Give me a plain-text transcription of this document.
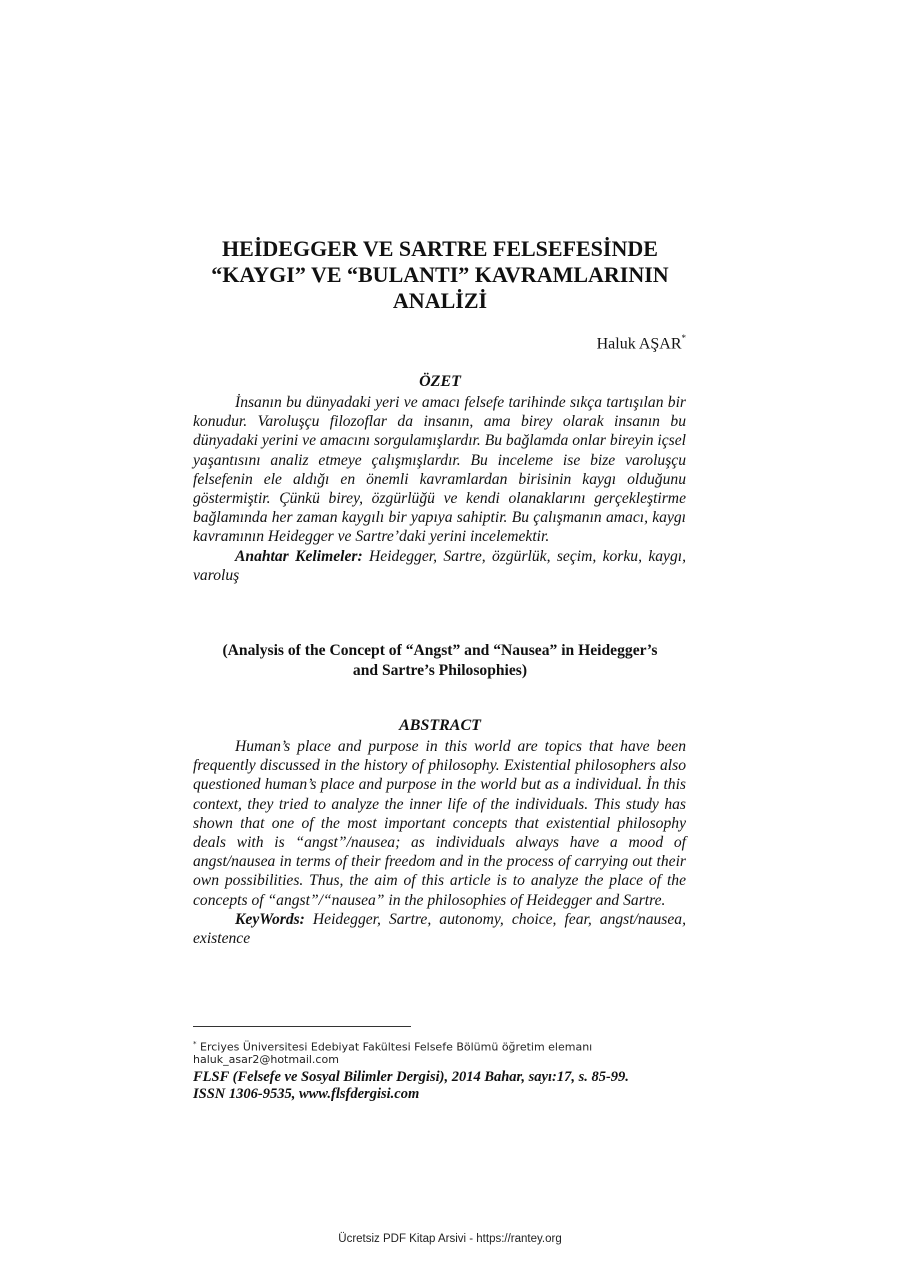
HEİDEGGER VE SARTRE FELSEFESİNDE
“KAYGI” VE “BULANTI” KAVRAMLARININ
ANALİZİ
Haluk AŞAR*
ÖZET
İnsanın bu dünyadaki yeri ve amacı felsefe tarihinde sıkça tartışılan bir konudur. Varoluşçu filozoflar da insanın, ama birey olarak insanın bu dünyadaki yerini ve amacını sorgulamışlardır. Bu bağlamda onlar bireyin içsel yaşantısını analiz etmeye çalışmışlardır. Bu inceleme ise bize varoluşçu felsefenin ele aldığı en önemli kavramlardan birisinin kaygı olduğunu göstermiştir. Çünkü birey, özgürlüğü ve kendi olanaklarını gerçekleştirme bağlamında her zaman kaygılı bir yapıya sahiptir. Bu çalışmanın amacı, kaygı kavramının Heidegger ve Sartre’daki yerini incelemektir.
Anahtar Kelimeler: Heidegger, Sartre, özgürlük, seçim, korku, kaygı, varoluş
(Analysis of the Concept of “Angst” and “Nausea” in Heidegger’s
and Sartre’s Philosophies)
ABSTRACT
Human’s place and purpose in this world are topics that have been frequently discussed in the history of philosophy. Existential philosophers also questioned human’s place and purpose in the world but as a individual. İn this context, they tried to analyze the inner life of the individuals. This study has shown that one of the most important concepts that existential philosophy deals with is “angst”/nausea; as individuals always have a mood of angst/nausea in terms of their freedom and in the process of carrying out their own possibilities. Thus, the aim of this article is to analyze the place of the concepts of “angst”/“nausea” in the philosophies of Heidegger and Sartre.
KeyWords: Heidegger, Sartre, autonomy, choice, fear, angst/nausea, existence
* Erciyes Üniversitesi Edebiyat Fakültesi Felsefe Bölümü öğretim elemanı
haluk_asar2@hotmail.com
FLSF (Felsefe ve Sosyal Bilimler Dergisi), 2014 Bahar, sayı:17, s. 85-99.
ISSN 1306-9535, www.flsfdergisi.com
Ücretsiz PDF Kitap Arsivi - https://rantey.org
